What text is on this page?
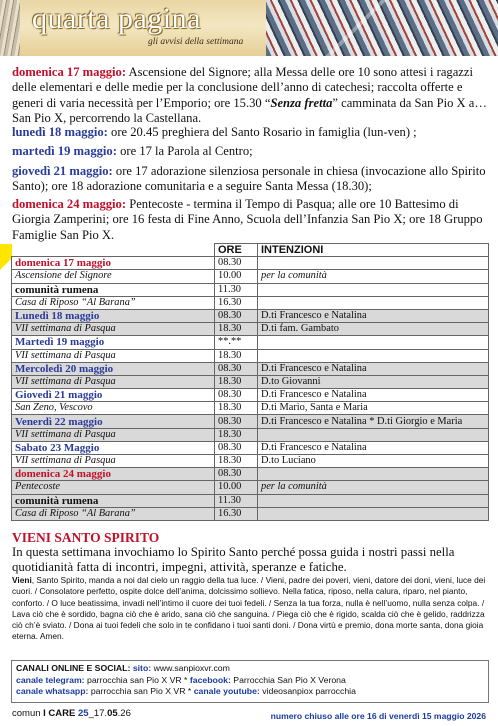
quarta pagina
gli avvisi della settimana

domenica 17 maggio: Ascensione del Signore; alla Messa delle ore 10 sono attesi i ragazzi delle elementari e delle medie per la conclusione dell’anno di catechesi; raccolta offerte e generi di varia necessità per l’Emporio; ore 15.30 “Senza fretta” camminata da San Pio X a… San Pio X, percorrendo la Castellana.

lunedì 18 maggio: ore 20.45 preghiera del Santo Rosario in famiglia (lun-ven) ;

martedì 19 maggio: ore 17 la Parola al Centro;

giovedì 21 maggio: ore 17 adorazione silenziosa personale in chiesa (invocazione allo Spirito Santo); ore 18 adorazione comunitaria e a seguire Santa Messa (18.30);

domenica 24 maggio: Pentecoste - termina il Tempo di Pasqua; alle ore 10 Battesimo di Giorgia Zamperini; ore 16 festa di Fine Anno, Scuola dell’Infanzia San Pio X; ore 18 Gruppo Famiglie San Pio X.

	ORE	INTENZIONI
domenica 17 maggio	08.30	
Ascensione del Signore	10.00	per la comunità
comunità rumena	11.30	
Casa di Riposo “Al Barana”	16.30	
Lunedì 18 maggio	08.30	D.ti Francesco e Natalina
VII settimana di Pasqua	18.30	D.ti fam. Gambato
Martedì 19 maggio	**.**	
VII settimana di Pasqua	18.30	
Mercoledì 20 maggio	08.30	D.ti Francesco e Natalina
VII settimana di Pasqua	18.30	D.to Giovanni
Giovedì 21 maggio	08.30	D.ti Francesco e Natalina
San Zeno, Vescovo	18.30	D.ti Mario, Santa e Maria
Venerdì 22 maggio	08.30	D.ti Francesco e Natalina * D.ti Giorgio e Maria
VII settimana di Pasqua	18.30	
Sabato 23 Maggio	08.30	D.ti Francesco e Natalina
VII settimana di Pasqua	18.30	D.to Luciano
domenica 24 maggio	08.30	
Pentecoste	10.00	per la comunità
comunità rumena	11.30	
Casa di Riposo “Al Barana”	16.30	
VIENI SANTO SPIRITO
In questa settimana invochiamo lo Spirito Santo perché possa guida i nostri passi nella quotidianità fatta di incontri, impegni, attività, speranze e fatiche.
Vieni, Santo Spirito, manda a noi dal cielo un raggio della tua luce. / Vieni, padre dei poveri, vieni, datore dei doni, vieni, luce dei cuori. / Consolatore perfetto, ospite dolce dell’anima, dolcissimo sollievo. Nella fatica, riposo, nella calura, riparo, nel pianto, conforto. / O luce beatissima, invadi nell’intimo il cuore dei tuoi fedeli. / Senza la tua forza, nulla è nell’uomo, nulla senza colpa. / Lava ciò che è sordido, bagna ciò che è arido, sana ciò che sanguina. / Piega ciò che è rigido, scalda ciò che è gelido, raddrizza ciò ch’è sviato. / Dona ai tuoi fedeli che solo in te confidano i tuoi santi doni. / Dona virtù e premio, dona morte santa, dona gioia eterna. Amen.
CANALI ONLINE E SOCIAL: sito: www.sanpioxvr.com
canale telegram: parrocchia san Pio X VR * facebook: Parrocchia San Pio X Verona
canale whatsapp: parrocchia san Pio X VR * canale youtube: videosanpiox parrocchia
comun I CARE 25_17.05.26	numero chiuso alle ore 16 di venerdì 15 maggio 2026
